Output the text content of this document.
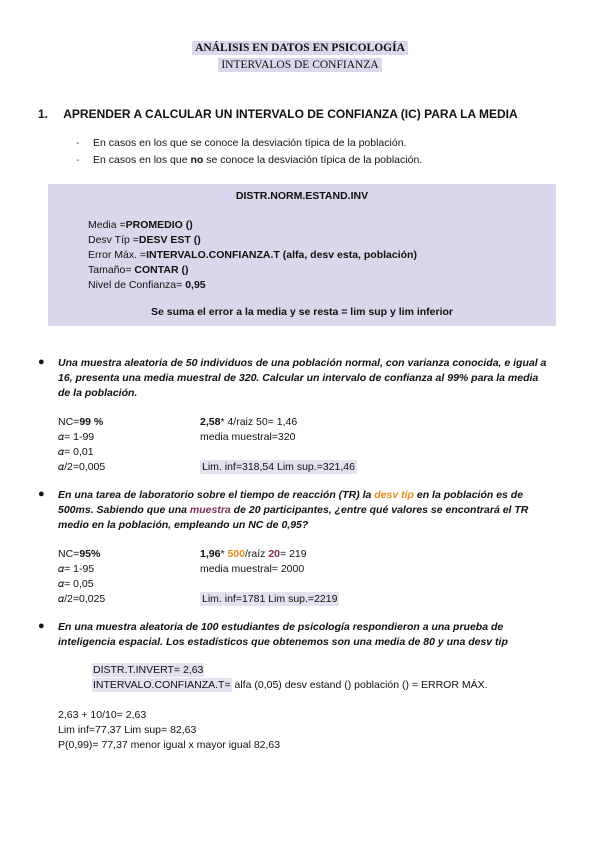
ANÁLISIS EN DATOS EN PSICOLOGÍA
INTERVALOS DE CONFIANZA
1. APRENDER A CALCULAR UN INTERVALO DE CONFIANZA (IC) PARA LA MEDIA
- En casos en los que se conoce la desviación típica de la población.
- En casos en los que no se conoce la desviación típica de la población.
DISTR.NORM.ESTAND.INV
Media =PROMEDIO ()
Desv Típ =DESV EST ()
Error Máx. =INTERVALO.CONFIANZA.T (alfa, desv esta, población)
Tamaño= CONTAR ()
Nivel de Confianza= 0,95
Se suma el error a la media y se resta = lim sup y lim inferior
● Una muestra aleatoria de 50 individuos de una población normal, con varianza conocida, e igual a 16, presenta una media muestral de 320. Calcular un intervalo de confianza al 99% para la media de la población.
NC=99 %
𝛼= 1-99
𝛼= 0,01
𝛼/2=0,005
2,58* 4/raiz 50= 1,46
media muestral=320
Lim. inf=318,54 Lim sup.=321,46
● En una tarea de laboratorio sobre el tiempo de reacción (TR) la desv tip en la población es de 500ms. Sabiendo que una muestra de 20 participantes, ¿entre qué valores se encontrará el TR medio en la población, empleando un NC de 0,95?
NC=95%
𝛼= 1-95
𝛼= 0,05
𝛼/2=0,025
1,96* 500/raíz 20= 219
media muestral= 2000
Lim. inf=1781 Lim sup.=2219
● En una muestra aleatoria de 100 estudiantes de psicología respondieron a una prueba de inteligencia espacial. Los estadísticos que obtenemos son una media de 80 y una desv tip
DISTR.T.INVERT= 2,63
INTERVALO.CONFIANZA.T= alfa (0,05) desv estand () población () = ERROR MÁX.
2,63 + 10/10= 2,63
Lim inf=77,37 Lim sup= 82,63
P(0,99)= 77,37 menor igual x mayor igual 82,63
